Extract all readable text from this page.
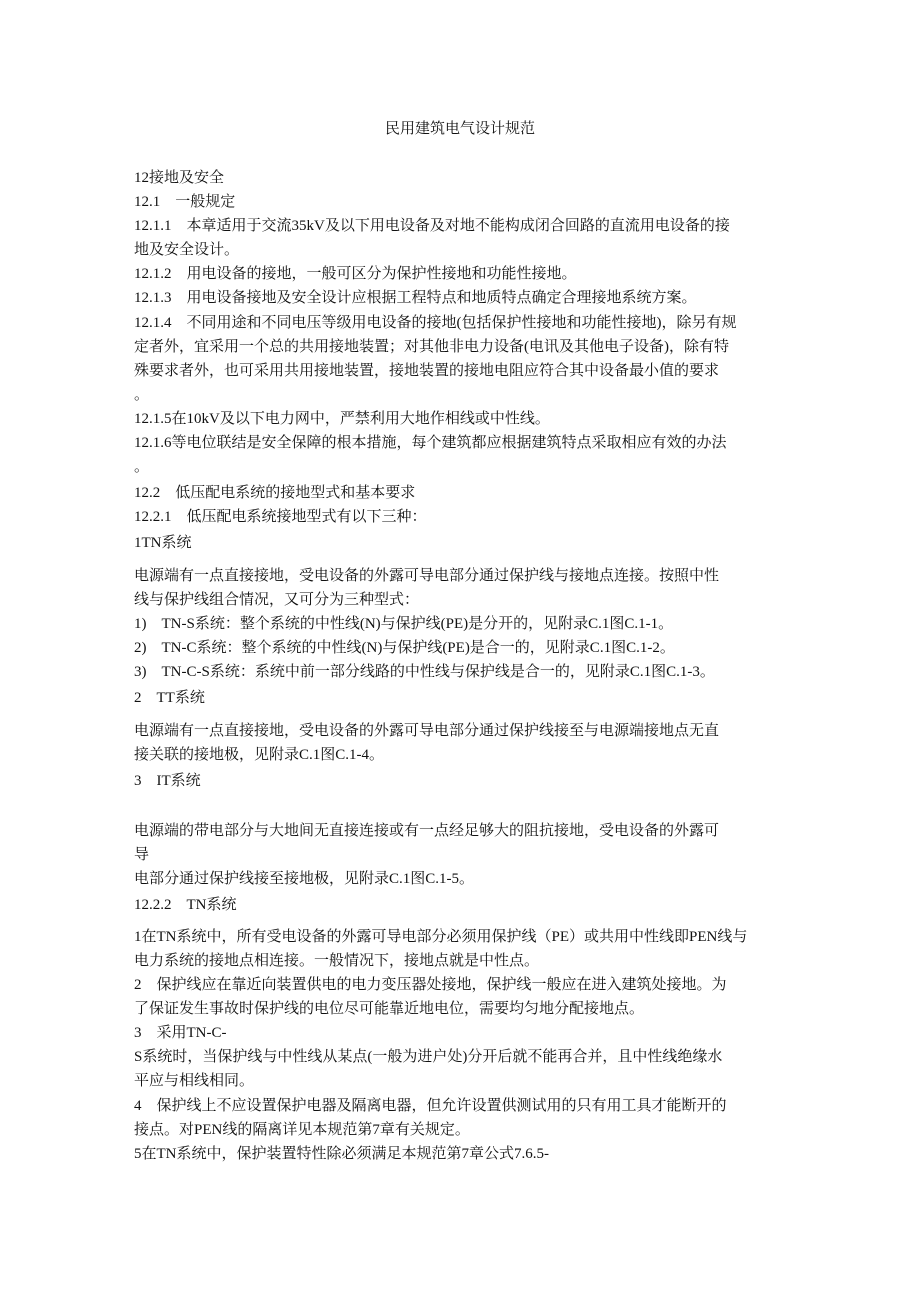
民用建筑电气设计规范
12接地及安全
12.1　一般规定
12.1.1　本章适用于交流35kV及以下用电设备及对地不能构成闭合回路的直流用电设备的接
地及安全设计。
12.1.2　用电设备的接地，一般可区分为保护性接地和功能性接地。
12.1.3　用电设备接地及安全设计应根据工程特点和地质特点确定合理接地系统方案。
12.1.4　不同用途和不同电压等级用电设备的接地(包括保护性接地和功能性接地)，除另有规
定者外，宜采用一个总的共用接地装置；对其他非电力设备(电讯及其他电子设备)，除有特
殊要求者外，也可采用共用接地装置，接地装置的接地电阻应符合其中设备最小值的要求
。
12.1.5在10kV及以下电力网中，严禁利用大地作相线或中性线。
12.1.6等电位联结是安全保障的根本措施，每个建筑都应根据建筑特点采取相应有效的办法
。
12.2　低压配电系统的接地型式和基本要求
12.2.1　低压配电系统接地型式有以下三种：
1TN系统
电源端有一点直接接地，受电设备的外露可导电部分通过保护线与接地点连接。按照中性
线与保护线组合情况，又可分为三种型式：
1)　TN-S系统：整个系统的中性线(N)与保护线(PE)是分开的，见附录C.1图C.1-1。
2)　TN-C系统：整个系统的中性线(N)与保护线(PE)是合一的，见附录C.1图C.1-2。
3)　TN-C-S系统：系统中前一部分线路的中性线与保护线是合一的，见附录C.1图C.1-3。
2　TT系统
电源端有一点直接接地，受电设备的外露可导电部分通过保护线接至与电源端接地点无直
接关联的接地极，见附录C.1图C.1-4。
3　IT系统
电源端的带电部分与大地间无直接连接或有一点经足够大的阻抗接地，受电设备的外露可
导
电部分通过保护线接至接地极，见附录C.1图C.1-5。
12.2.2　TN系统
1在TN系统中，所有受电设备的外露可导电部分必须用保护线（PE）或共用中性线即PEN线与
电力系统的接地点相连接。一般情况下，接地点就是中性点。
2　保护线应在靠近向装置供电的电力变压器处接地，保护线一般应在进入建筑处接地。为
了保证发生事故时保护线的电位尽可能靠近地电位，需要均匀地分配接地点。
3　采用TN-C-
S系统时，当保护线与中性线从某点(一般为进户处)分开后就不能再合并，且中性线绝缘水
平应与相线相同。
4　保护线上不应设置保护电器及隔离电器，但允许设置供测试用的只有用工具才能断开的
接点。对PEN线的隔离详见本规范第7章有关规定。
5在TN系统中，保护装置特性除必须满足本规范第7章公式7.6.5-
